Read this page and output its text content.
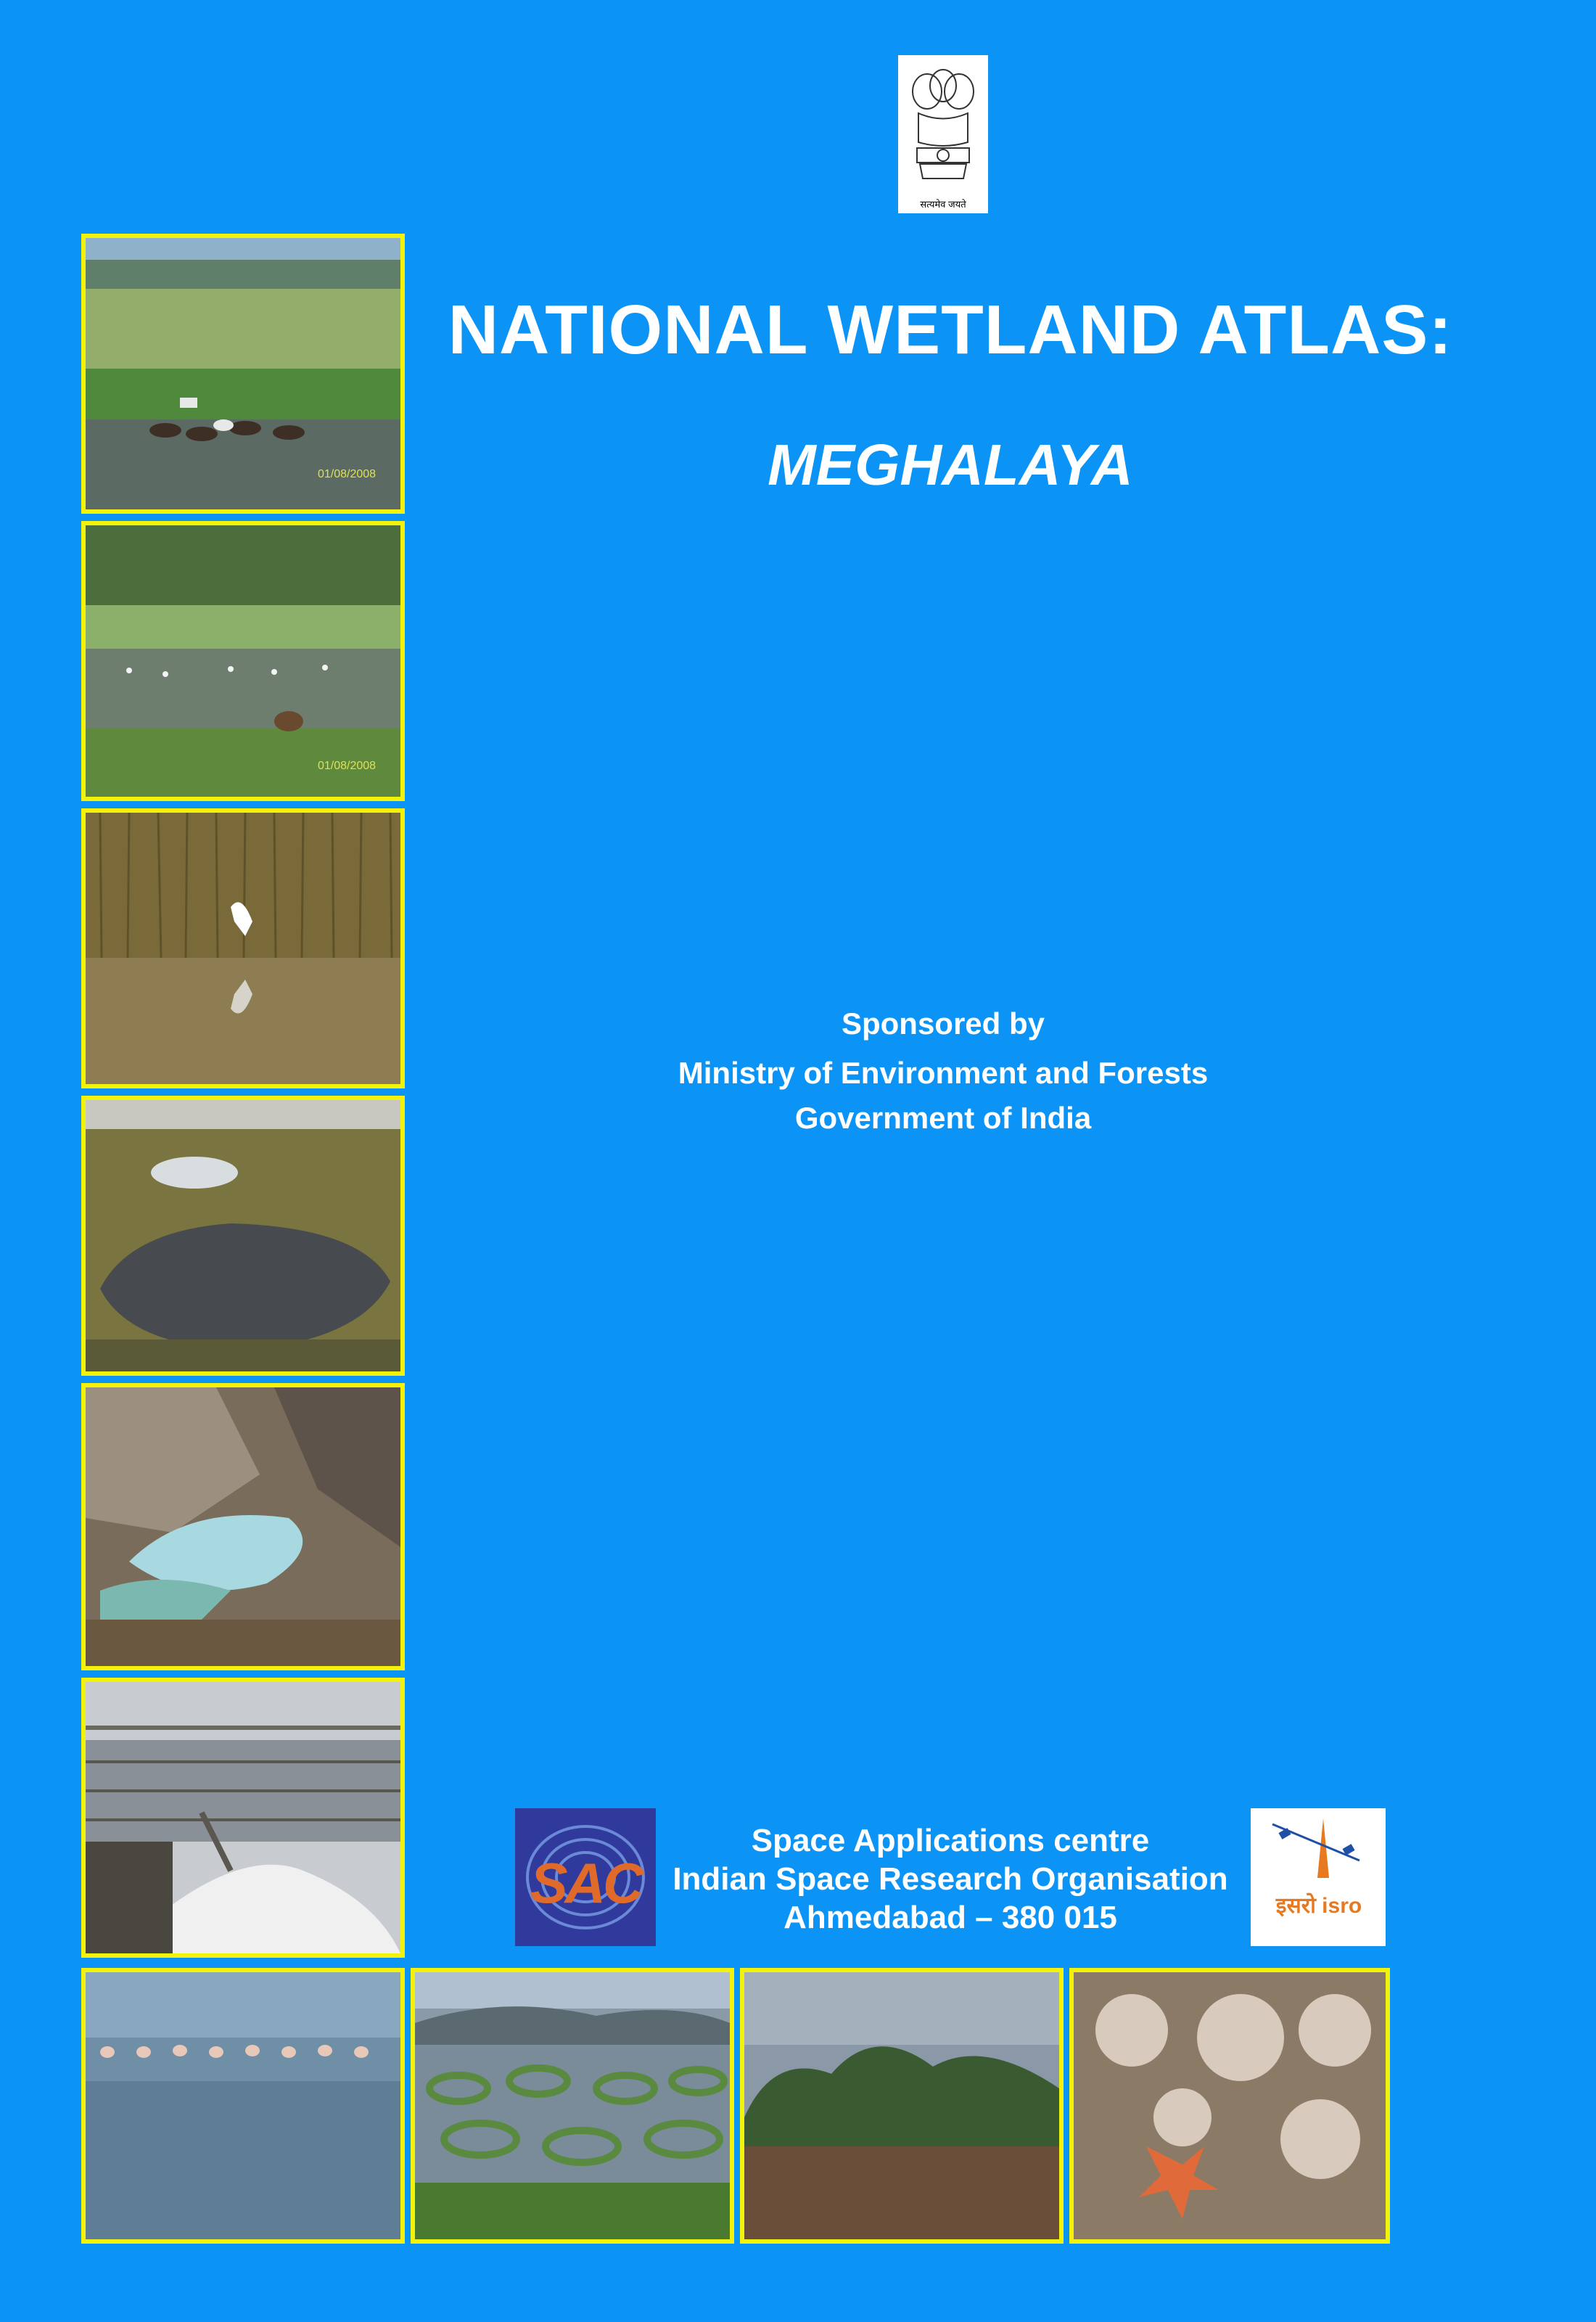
सत्यमेव जयते
NATIONAL WETLAND ATLAS:
MEGHALAYA
Sponsored by
Ministry of Environment and Forests
Government of India
01/08/2008
01/08/2008
SAC
Space Applications centre
Indian Space Research Organisation
Ahmedabad – 380 015	इसरो isro
